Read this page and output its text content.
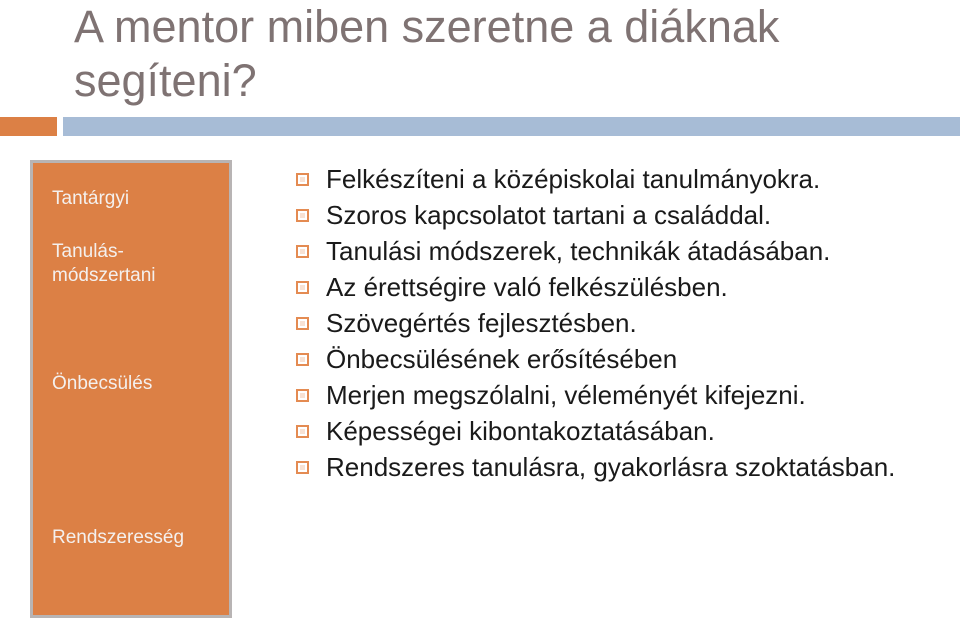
A mentor miben szeretne a diáknak segíteni?
Tantárgyi
Tanulás-
módszertani
Önbecsülés
Rendszeresség
Felkészíteni a középiskolai tanulmányokra.
Szoros kapcsolatot tartani a családdal.
Tanulási módszerek, technikák átadásában.
Az érettségire való felkészülésben.
Szövegértés fejlesztésben.
Önbecsülésének erősítésében
Merjen megszólalni, véleményét kifejezni.
Képességei kibontakoztatásában.
Rendszeres tanulásra, gyakorlásra szoktatásban.
